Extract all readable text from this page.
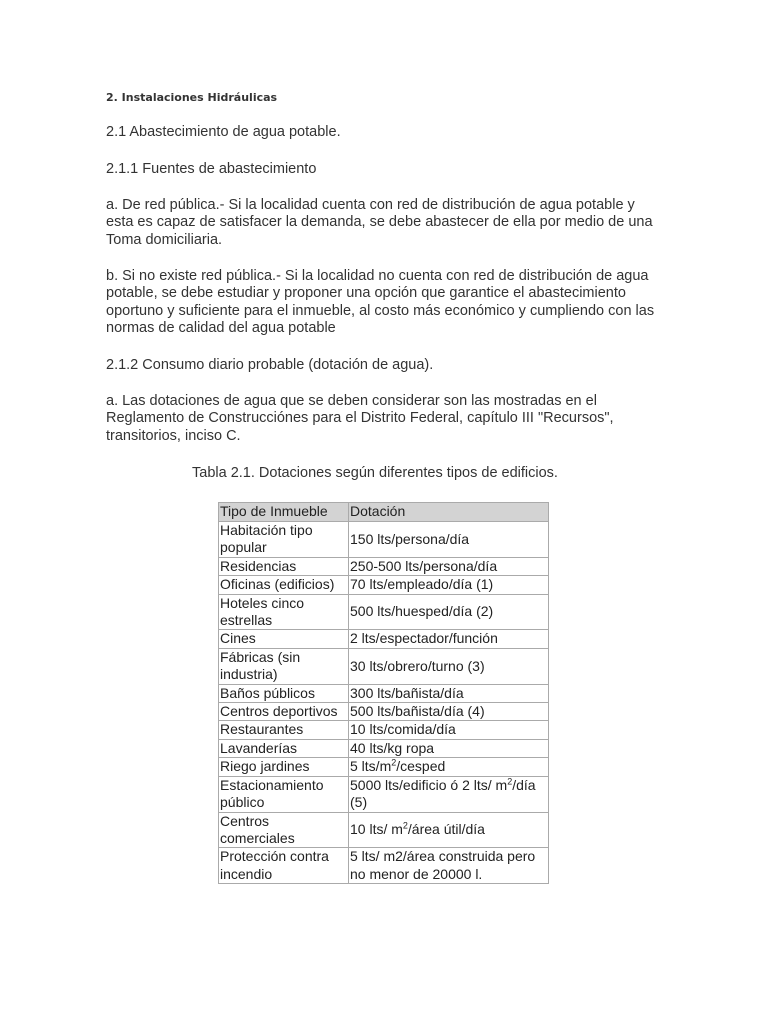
2. Instalaciones Hidráulicas

2.1 Abastecimiento de agua potable.

2.1.1 Fuentes de abastecimiento

a. De red pública.- Si la localidad cuenta con red de distribución de agua potable y esta es capaz de satisfacer la demanda, se debe abastecer de ella por medio de una Toma domiciliaria.

b. Si no existe red pública.- Si la localidad no cuenta con red de distribución de agua potable, se debe estudiar y proponer una opción que garantice el abastecimiento oportuno y suficiente para el inmueble, al costo más económico y cumpliendo con las normas de calidad del agua potable

2.1.2 Consumo diario probable (dotación de agua).

a. Las dotaciones de agua que se deben considerar son las mostradas en el Reglamento de Construcciónes para el Distrito Federal, capítulo III "Recursos", transitorios, inciso C.

Tabla 2.1. Dotaciones según diferentes tipos de edificios.
Tipo de Inmueble	Dotación
Habitación tipo popular	150 lts/persona/día
Residencias	250-500 lts/persona/día
Oficinas (edificios)	70 lts/empleado/día (1)
Hoteles cinco estrellas	500 lts/huesped/día (2)
Cines	2 lts/espectador/función
Fábricas (sin industria)	30 lts/obrero/turno (3)
Baños públicos	300 lts/bañista/día
Centros deportivos	500 lts/bañista/día (4)
Restaurantes	10 lts/comida/día
Lavanderías	40 lts/kg ropa
Riego jardines	5 lts/$m^2$/cesped
Estacionamiento público	5000 lts/edificio ó 2 lts/ $m^2$/día (5)
Centros comerciales	10 lts/ $m^2$/área útil/día
Protección contra incendio	5 lts/ m2/área construida pero no menor de 20000 l.
